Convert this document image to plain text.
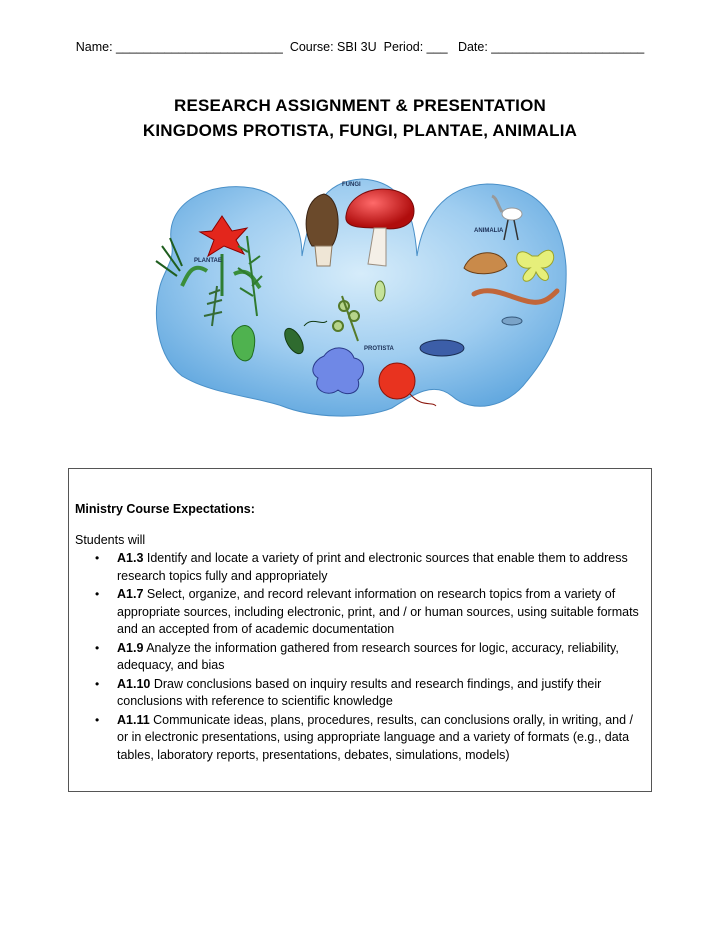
Name: ________________________  Course: SBI 3U  Period: ___   Date: ______________________
RESEARCH ASSIGNMENT & PRESENTATION
KINGDOMS PROTISTA, FUNGI, PLANTAE, ANIMALIA
PLANTAE
FUNGI
ANIMALIA
PROTISTA
Ministry Course Expectations:
Students will
• A1.3 Identify and locate a variety of print and electronic sources that enable them to address research topics fully and appropriately
• A1.7 Select, organize, and record relevant information on research topics from a variety of appropriate sources, including electronic, print, and / or human sources, using suitable formats and an accepted from of academic documentation
• A1.9 Analyze the information gathered from research sources for logic, accuracy, reliability, adequacy, and bias
• A1.10 Draw conclusions based on inquiry results and research findings, and justify their conclusions with reference to scientific knowledge
• A1.11 Communicate ideas, plans, procedures, results, can conclusions orally, in writing, and / or in electronic presentations, using appropriate language and a variety of formats (e.g., data tables, laboratory reports, presentations, debates, simulations, models)
